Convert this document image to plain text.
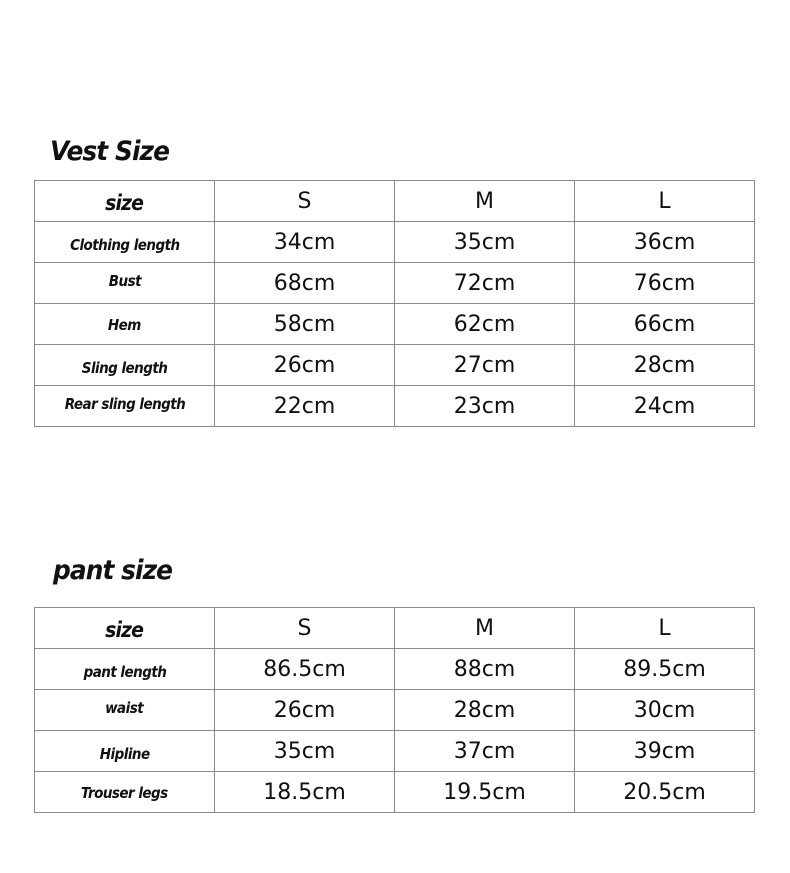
Vest Size
size	S	M	L
Clothing length	34cm	35cm	36cm
Bust	68cm	72cm	76cm
Hem	58cm	62cm	66cm
Sling length	26cm	27cm	28cm
Rear sling length	22cm	23cm	24cm
pant size
size	S	M	L
pant length	86.5cm	88cm	89.5cm
waist	26cm	28cm	30cm
Hipline	35cm	37cm	39cm
Trouser legs	18.5cm	19.5cm	20.5cm
